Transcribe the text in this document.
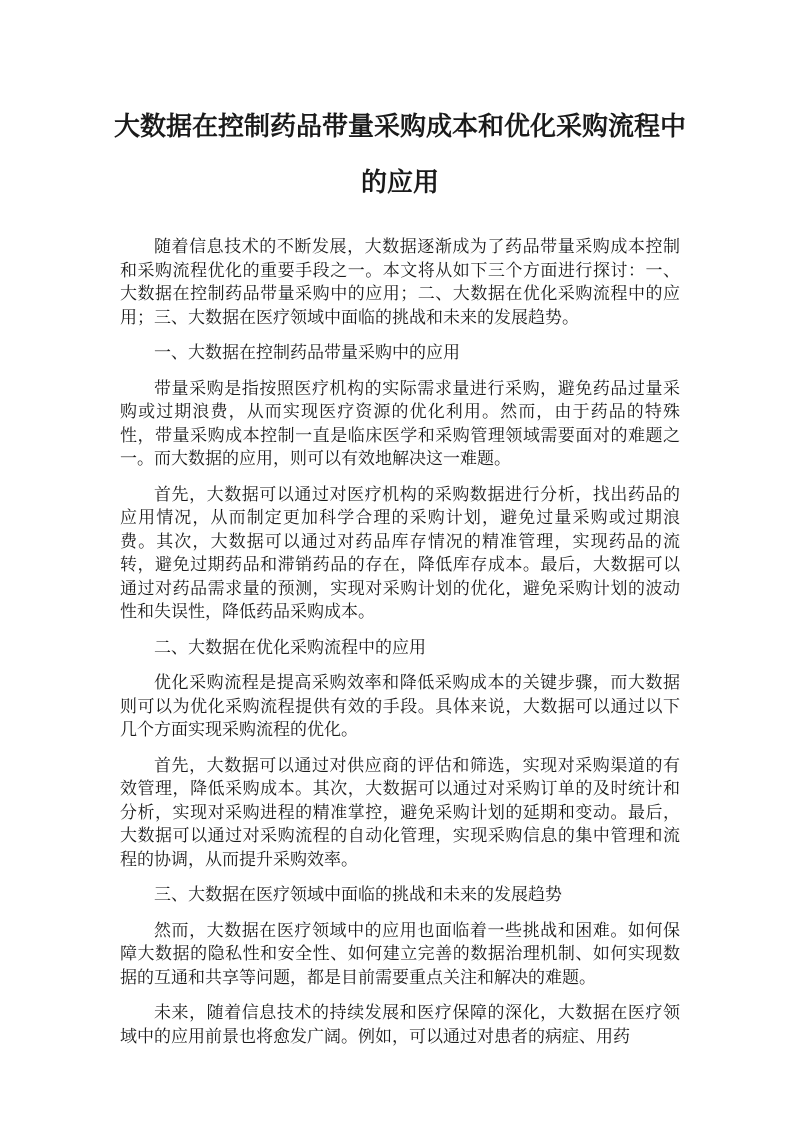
大数据在控制药品带量采购成本和优化采购流程中
的应用

随着信息技术的不断发展，大数据逐渐成为了药品带量采购成本控制和采购流程优化的重要手段之一。本文将从如下三个方面进行探讨：一、大数据在控制药品带量采购中的应用；二、大数据在优化采购流程中的应用；三、大数据在医疗领域中面临的挑战和未来的发展趋势。

一、大数据在控制药品带量采购中的应用

带量采购是指按照医疗机构的实际需求量进行采购，避免药品过量采购或过期浪费，从而实现医疗资源的优化利用。然而，由于药品的特殊性，带量采购成本控制一直是临床医学和采购管理领域需要面对的难题之一。而大数据的应用，则可以有效地解决这一难题。

首先，大数据可以通过对医疗机构的采购数据进行分析，找出药品的应用情况，从而制定更加科学合理的采购计划，避免过量采购或过期浪费。其次，大数据可以通过对药品库存情况的精准管理，实现药品的流转，避免过期药品和滞销药品的存在，降低库存成本。最后，大数据可以通过对药品需求量的预测，实现对采购计划的优化，避免采购计划的波动性和失误性，降低药品采购成本。

二、大数据在优化采购流程中的应用

优化采购流程是提高采购效率和降低采购成本的关键步骤，而大数据则可以为优化采购流程提供有效的手段。具体来说，大数据可以通过以下几个方面实现采购流程的优化。

首先，大数据可以通过对供应商的评估和筛选，实现对采购渠道的有效管理，降低采购成本。其次，大数据可以通过对采购订单的及时统计和分析，实现对采购进程的精准掌控，避免采购计划的延期和变动。最后，大数据可以通过对采购流程的自动化管理，实现采购信息的集中管理和流程的协调，从而提升采购效率。

三、大数据在医疗领域中面临的挑战和未来的发展趋势

然而，大数据在医疗领域中的应用也面临着一些挑战和困难。如何保障大数据的隐私性和安全性、如何建立完善的数据治理机制、如何实现数据的互通和共享等问题，都是目前需要重点关注和解决的难题。

未来，随着信息技术的持续发展和医疗保障的深化，大数据在医疗领域中的应用前景也将愈发广阔。例如，可以通过对患者的病症、用药
